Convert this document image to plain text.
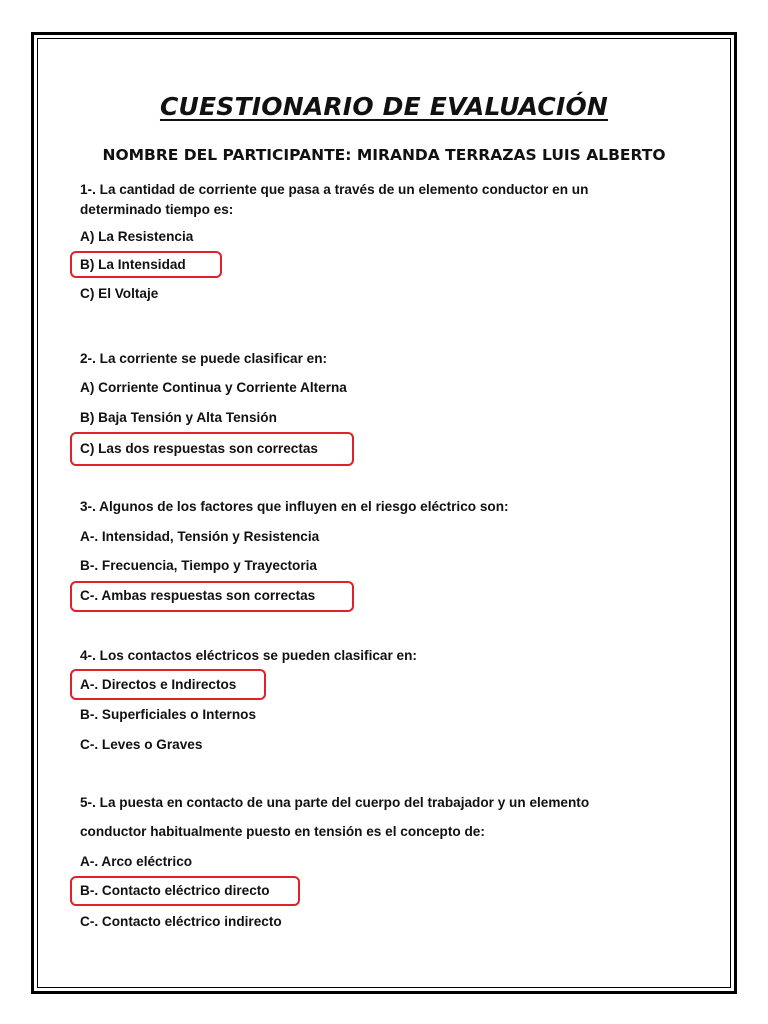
CUESTIONARIO DE EVALUACIÓN
NOMBRE DEL PARTICIPANTE: MIRANDA TERRAZAS LUIS ALBERTO
1-. La cantidad de corriente que pasa a través de un elemento conductor en un determinado tiempo es:
A) La Resistencia
B) La Intensidad
C) El Voltaje
2-. La corriente se puede clasificar en:
A) Corriente Continua y Corriente Alterna
B) Baja Tensión y Alta Tensión
C) Las dos respuestas son correctas
3-. Algunos de los factores que influyen en el riesgo eléctrico son:
A-. Intensidad, Tensión y Resistencia
B-. Frecuencia, Tiempo y Trayectoria
C-. Ambas respuestas son correctas
4-. Los contactos eléctricos se pueden clasificar en:
A-. Directos e Indirectos
B-. Superficiales o Internos
C-. Leves o Graves
5-. La puesta en contacto de una parte del cuerpo del trabajador y un elemento
conductor habitualmente puesto en tensión es el concepto de:
A-. Arco eléctrico
B-. Contacto eléctrico directo
C-. Contacto eléctrico indirecto
